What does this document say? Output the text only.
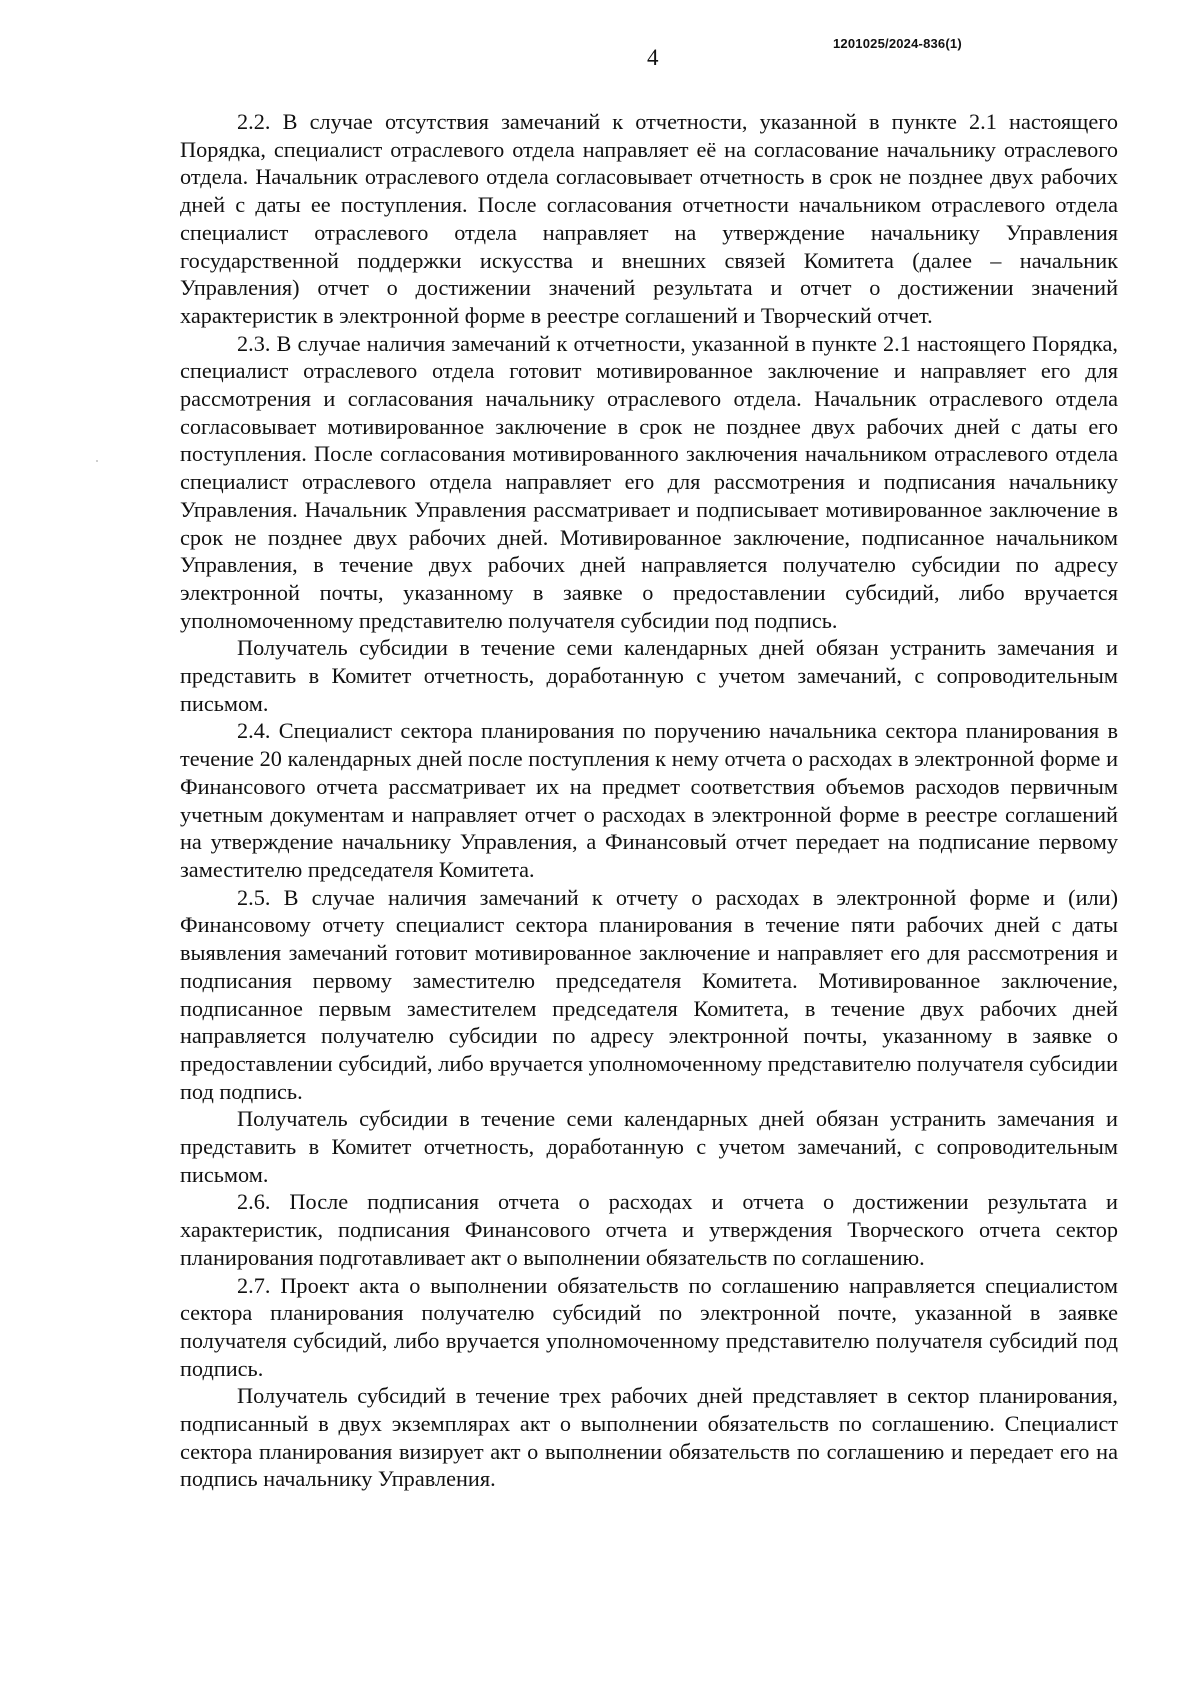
1201025/2024-836(1)
4

2.2. В случае отсутствия замечаний к отчетности, указанной в пункте 2.1 настоящего Порядка, специалист отраслевого отдела направляет её на согласование начальнику отраслевого отдела. Начальник отраслевого отдела согласовывает отчетность в срок не позднее двух рабочих дней с даты ее поступления. После согласования отчетности начальником отраслевого отдела специалист отраслевого отдела направляет на утверждение начальнику Управления государственной поддержки искусства и внешних связей Комитета (далее – начальник Управления) отчет о достижении значений результата и отчет о достижении значений характеристик в электронной форме в реестре соглашений и Творческий отчет.

2.3. В случае наличия замечаний к отчетности, указанной в пункте 2.1 настоящего Порядка, специалист отраслевого отдела готовит мотивированное заключение и направляет его для рассмотрения и согласования начальнику отраслевого отдела. Начальник отраслевого отдела согласовывает мотивированное заключение в срок не позднее двух рабочих дней с даты его поступления. После согласования мотивированного заключения начальником отраслевого отдела специалист отраслевого отдела направляет его для рассмотрения и подписания начальнику Управления. Начальник Управления рассматривает и подписывает мотивированное заключение в срок не позднее двух рабочих дней. Мотивированное заключение, подписанное начальником Управления, в течение двух рабочих дней направляется получателю субсидии по адресу электронной почты, указанному в заявке о предоставлении субсидий, либо вручается уполномоченному представителю получателя субсидии под подпись.

Получатель субсидии в течение семи календарных дней обязан устранить замечания и представить в Комитет отчетность, доработанную с учетом замечаний, с сопроводительным письмом.

2.4. Специалист сектора планирования по поручению начальника сектора планирования в течение 20 календарных дней после поступления к нему отчета о расходах в электронной форме и Финансового отчета рассматривает их на предмет соответствия объемов расходов первичным учетным документам и направляет отчет о расходах в электронной форме в реестре соглашений на утверждение начальнику Управления, а Финансовый отчет передает на подписание первому заместителю председателя Комитета.

2.5. В случае наличия замечаний к отчету о расходах в электронной форме и (или) Финансовому отчету специалист сектора планирования в течение пяти рабочих дней с даты выявления замечаний готовит мотивированное заключение и направляет его для рассмотрения и подписания первому заместителю председателя Комитета. Мотивированное заключение, подписанное первым заместителем председателя Комитета, в течение двух рабочих дней направляется получателю субсидии по адресу электронной почты, указанному в заявке о предоставлении субсидий, либо вручается уполномоченному представителю получателя субсидии под подпись.

Получатель субсидии в течение семи календарных дней обязан устранить замечания и представить в Комитет отчетность, доработанную с учетом замечаний, с сопроводительным письмом.

2.6. После подписания отчета о расходах и отчета о достижении результата и характеристик, подписания Финансового отчета и утверждения Творческого отчета сектор планирования подготавливает акт о выполнении обязательств по соглашению.

2.7. Проект акта о выполнении обязательств по соглашению направляется специалистом сектора планирования получателю субсидий по электронной почте, указанной в заявке получателя субсидий, либо вручается уполномоченному представителю получателя субсидий под подпись.

Получатель субсидий в течение трех рабочих дней представляет в сектор планирования, подписанный в двух экземплярах акт о выполнении обязательств по соглашению. Специалист сектора планирования визирует акт о выполнении обязательств по соглашению и передает его на подпись начальнику Управления.
